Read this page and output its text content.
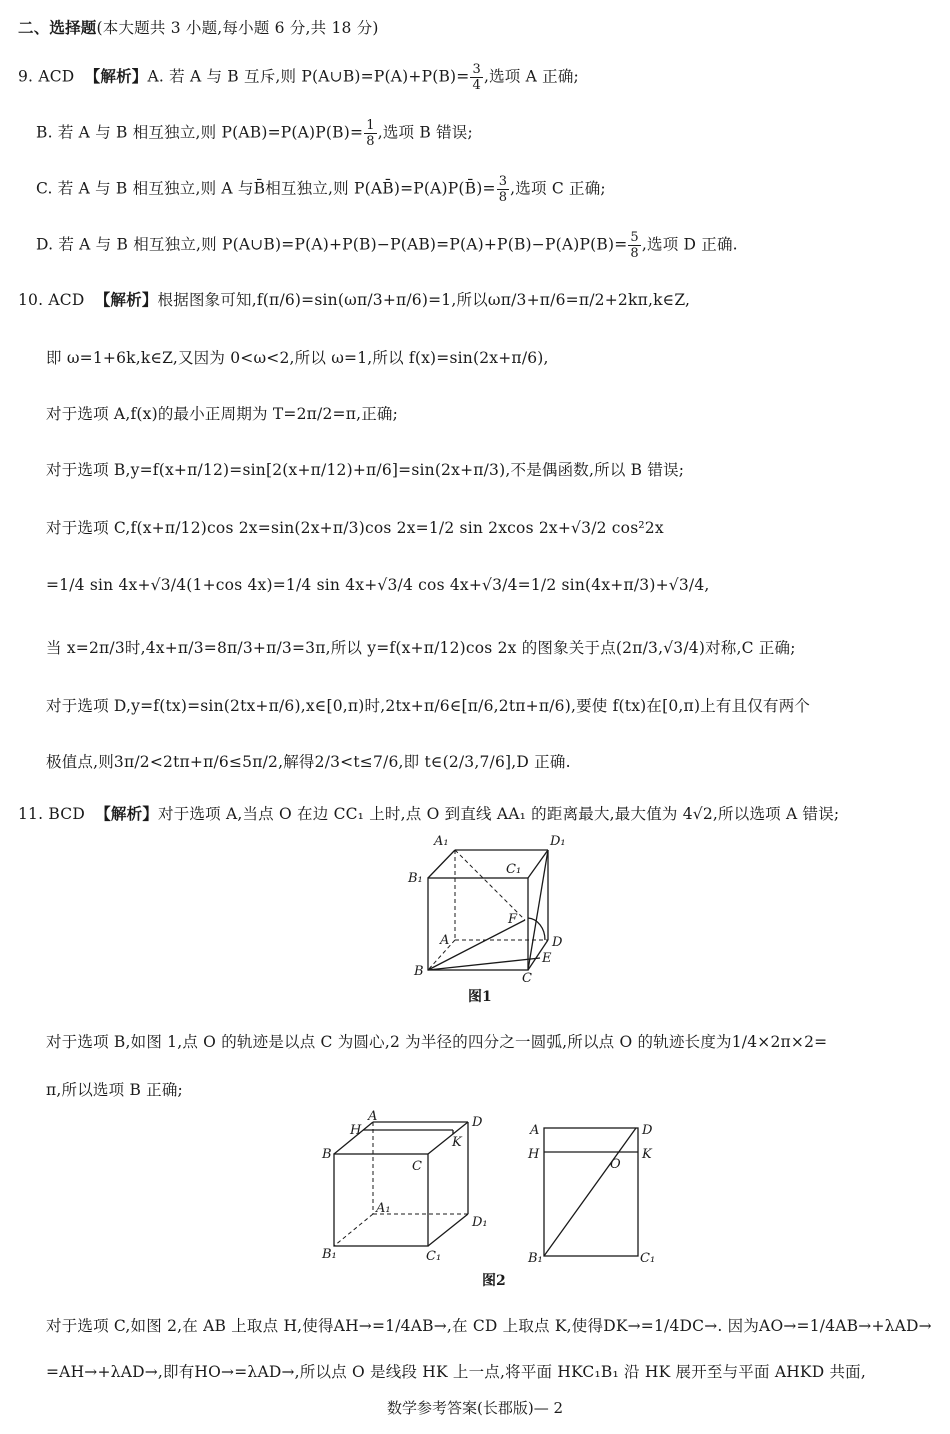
二、选择题(本大题共 3 小题,每小题 6 分,共 18 分)
9. ACD 【解析】A. 若 A 与 B 互斥,则 P(A∪B)=P(A)+P(B)= $\frac{3}{4}$ ,选项 A 正确;
B. 若 A 与 B 相互独立,则 $P(AB)=P(A)P(B)= \frac{1}{8}$ ,选项 B 错误;
C. 若 A 与 B 相互独立,则 A 与B̄相互独立,则 P(AB̄)=P(A)P(B̄)= $\frac{3}{8}$ ,选项 C 正确;
D. 若 A 与 B 相互独立,则 P(A∪B)=P(A)+P(B)−P(AB)=P(A)+P(B)−P(A)P(B)= $\frac{5}{8}$ ,选项 D 正确.
10. ACD 【解析】根据图象可知,f(π/6)=sin(ωπ/3+π/6)=1,所以ωπ/3+π/6=π/2+2kπ,k∈Z,
即 ω=1+6k,k∈Z,又因为 0<ω<2,所以 ω=1,所以 f(x)=sin(2x+π/6),
对于选项 A,f(x)的最小正周期为 T=2π/2=π,正确;
对于选项 B,y=f(x+π/12)=sin[2(x+π/12)+π/6]=sin(2x+π/3),不是偶函数,所以 B 错误;
对于选项 C,f(x+π/12)cos 2x=sin(2x+π/3)cos 2x=1/2 sin 2xcos 2x+√3/2 cos²2x
=1/4 sin 4x+√3/4(1+cos 4x)=1/4 sin 4x+√3/4 cos 4x+√3/4=1/2 sin(4x+π/3)+√3/4,
当 x=2π/3时,4x+π/3=8π/3+π/3=3π,所以 y=f(x+π/12)cos 2x 的图象关于点(2π/3,√3/4)对称,C 正确;
对于选项 D,y=f(tx)=sin(2tx+π/6),x∈[0,π)时,2tx+π/6∈[π/6,2tπ+π/6),要使 f(tx)在[0,π)上有且仅有两个
极值点,则3π/2<2tπ+π/6≤5π/2,解得2/3<t≤7/6,即 t∈(2/3,7/6],D 正确.
11. BCD 【解析】对于选项 A,当点 O 在边 CC₁ 上时,点 O 到直线 AA₁ 的距离最大,最大值为 4√2,所以选项 A 错误;
A₁	D₁
B₁
C₁
F
A	D
B
E
C
图1
对于选项 B,如图 1,点 O 的轨迹是以点 C 为圆心,2 为半径的四分之一圆弧,所以点 O 的轨迹长度为1/4×2π×2=
π,所以选项 B 正确;
A	D
H
K
B
C
A₁
D₁
B₁	C₁
A	D
H	K
O
B₁	C₁
图2
对于选项 C,如图 2,在 AB 上取点 H,使得AH→=1/4AB→,在 CD 上取点 K,使得DK→=1/4DC→. 因为AO→=1/4AB→+λAD→
=AH→+λAD→,即有HO→=λAD→,所以点 O 是线段 HK 上一点,将平面 HKC₁B₁ 沿 HK 展开至与平面 AHKD 共面,
数学参考答案(长郡版)— 2
